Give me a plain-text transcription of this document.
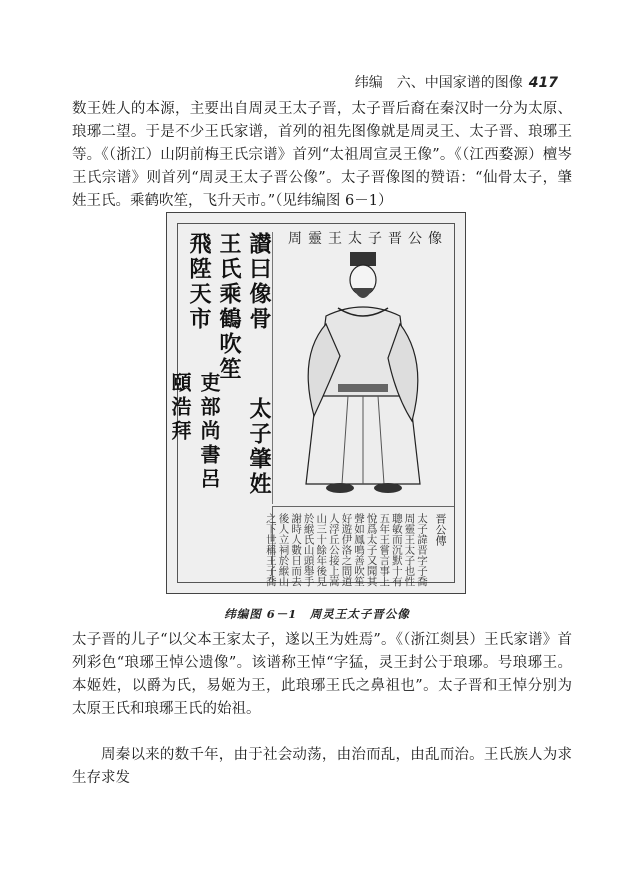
纬编　六、中国家谱的图像 417

数王姓人的本源，主要出自周灵王太子晋，太子晋后裔在秦汉时一分为太原、琅琊二望。于是不少王氏家谱，首列的祖先图像就是周灵王、太子晋、琅琊王等。《（浙江）山阴前梅王氏宗谱》首列“太祖周宣灵王像”。《（江西婺源）檀岑王氏宗谱》则首列“周灵王太子晋公像”。太子晋像图的赞语：“仙骨太子，肇姓王氏。乘鹤吹笙，飞升天市。”（见纬编图 6－1）

讃曰像骨
太子肇姓
王氏乘鶴吹笙
飛陞天市
吏部尚書呂頤浩拜
周靈王太子晋公像
晋公傳
太子諱晋字子喬周靈王太子也性聰敏而沉默十有五年王嘗言事上悅爲太子又聞其聲如鳳鳴善吹笙好遊伊洛之間道人浮丘公接上嵩山三十餘年後見於緱氏山頭舉手謝時人數日而去後人立祠於緱山之下世稱王子喬
纬编图 6－1　周灵王太子晋公像

太子晋的儿子“以父本王家太子，遂以王为姓焉”。《（浙江剡县）王氏家谱》首列彩色“琅琊王悼公遗像”。该谱称王悼“字猛，灵王封公于琅琊。号琅琊王。本姬姓，以爵为氏，易姬为王，此琅琊王氏之鼻祖也”。太子晋和王悼分别为太原王氏和琅琊王氏的始祖。

周秦以来的数千年，由于社会动荡，由治而乱，由乱而治。王氏族人为求生存求发
